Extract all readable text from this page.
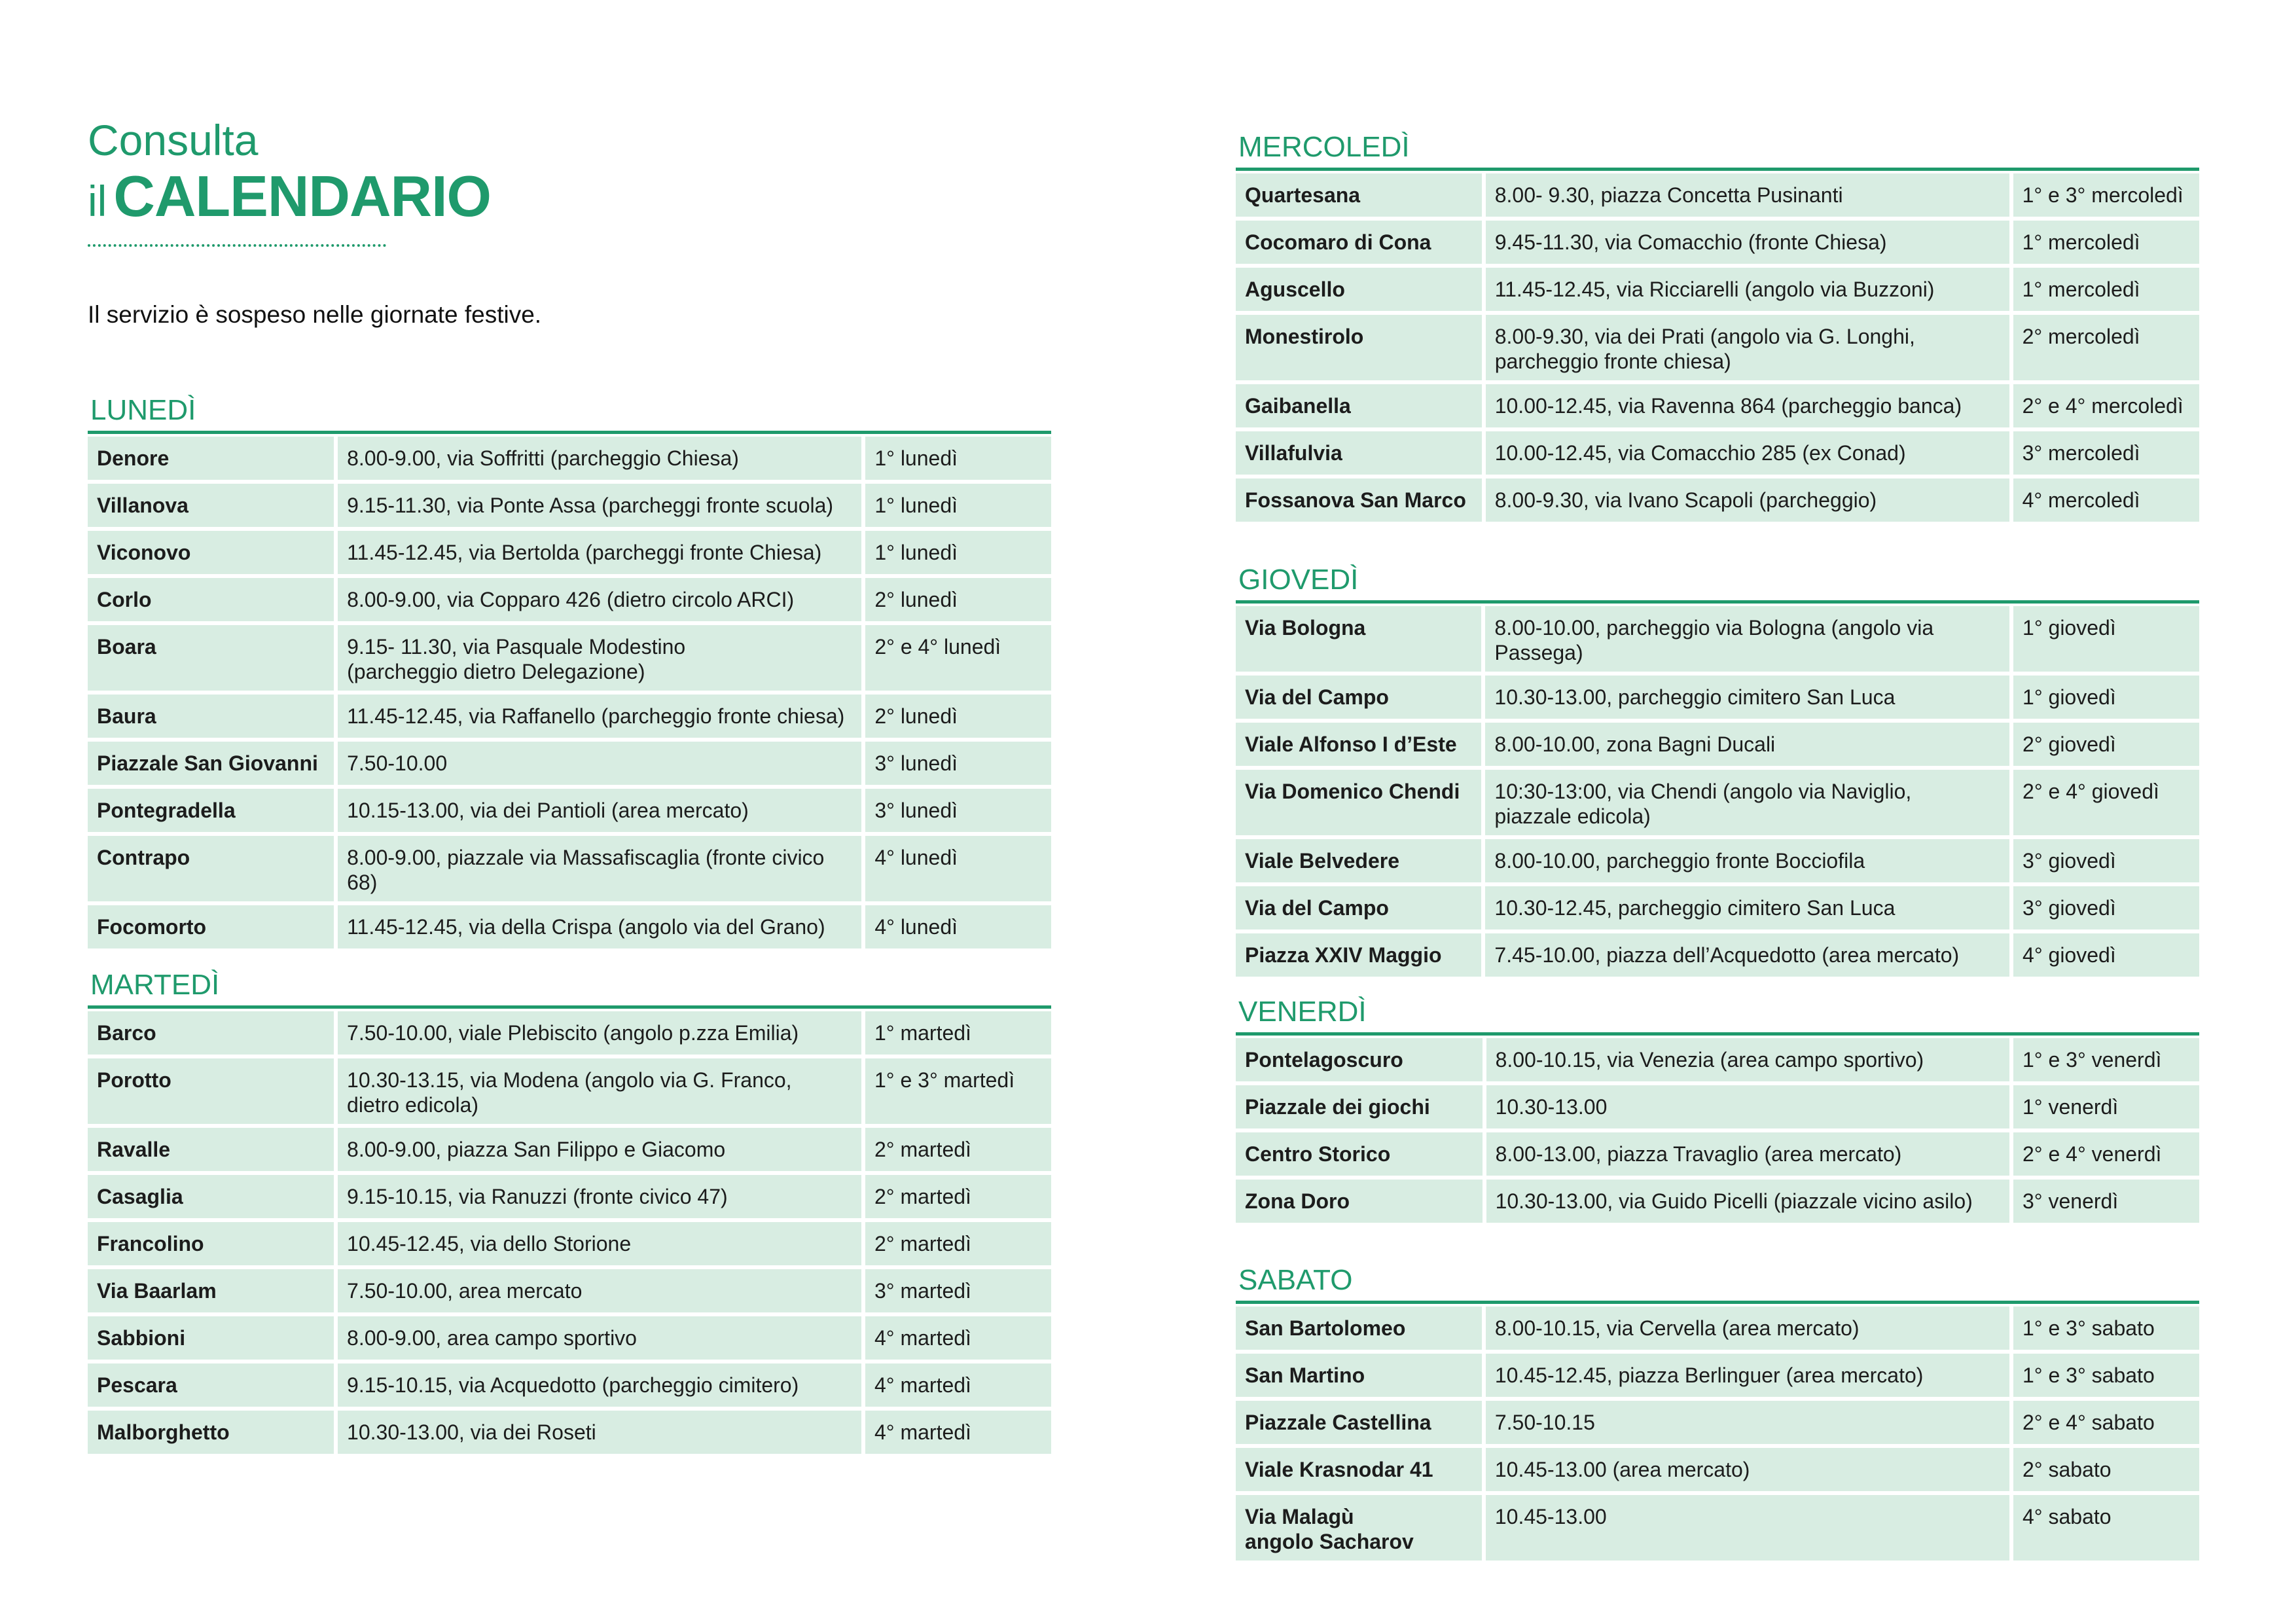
Consulta
il CALENDARIO
Il servizio è sospeso nelle giornate festive.
LUNEDÌ
Denore	8.00-9.00, via Soffritti (parcheggio Chiesa)	1° lunedì
Villanova	9.15-11.30, via Ponte Assa (parcheggi fronte scuola)	1° lunedì
Viconovo	11.45-12.45, via Bertolda (parcheggi fronte Chiesa)	1° lunedì
Corlo	8.00-9.00, via Copparo 426 (dietro circolo ARCI)	2° lunedì
Boara	9.15- 11.30, via Pasquale Modestino
(parcheggio dietro Delegazione)	2° e 4° lunedì
Baura	11.45-12.45, via Raffanello (parcheggio fronte chiesa)	2° lunedì
Piazzale San Giovanni	7.50-10.00	3° lunedì
Pontegradella	10.15-13.00, via dei Pantioli (area mercato)	3° lunedì
Contrapo	8.00-9.00, piazzale via Massafiscaglia (fronte civico 68)	4° lunedì
Focomorto	11.45-12.45, via della Crispa (angolo via del Grano)	4° lunedì
MARTEDÌ
Barco	7.50-10.00, viale Plebiscito (angolo p.zza Emilia)	1° martedì
Porotto	10.30-13.15, via Modena (angolo via G. Franco,
dietro edicola)	1° e 3° martedì
Ravalle	8.00-9.00, piazza San Filippo e Giacomo	2° martedì
Casaglia	9.15-10.15, via Ranuzzi (fronte civico 47)	2° martedì
Francolino	10.45-12.45, via dello Storione	2° martedì
Via Baarlam	7.50-10.00, area mercato	3° martedì
Sabbioni	8.00-9.00, area campo sportivo	4° martedì
Pescara	9.15-10.15, via Acquedotto (parcheggio cimitero)	4° martedì
Malborghetto	10.30-13.00, via dei Roseti	4° martedì
MERCOLEDÌ
Quartesana	8.00- 9.30, piazza Concetta Pusinanti	1° e 3° mercoledì
Cocomaro di Cona	9.45-11.30, via Comacchio (fronte Chiesa)	1° mercoledì
Aguscello	11.45-12.45, via Ricciarelli (angolo via Buzzoni)	1° mercoledì
Monestirolo	8.00-9.30, via dei Prati (angolo via G. Longhi,
parcheggio fronte chiesa)	2° mercoledì
Gaibanella	10.00-12.45, via Ravenna 864 (parcheggio banca)	2° e 4° mercoledì
Villafulvia	10.00-12.45, via Comacchio 285 (ex Conad)	3° mercoledì
Fossanova San Marco	8.00-9.30, via Ivano Scapoli (parcheggio)	4° mercoledì
GIOVEDÌ
Via Bologna	8.00-10.00, parcheggio via Bologna (angolo via Passega)	1° giovedì
Via del Campo	10.30-13.00, parcheggio cimitero San Luca	1° giovedì
Viale Alfonso I d’Este	8.00-10.00, zona Bagni Ducali	2° giovedì
Via Domenico Chendi	10:30-13:00, via Chendi (angolo via Naviglio,
piazzale edicola)	2° e 4° giovedì
Viale Belvedere	8.00-10.00, parcheggio fronte Bocciofila	3° giovedì
Via del Campo	10.30-12.45, parcheggio cimitero San Luca	3° giovedì
Piazza XXIV Maggio	7.45-10.00, piazza dell’Acquedotto (area mercato)	4° giovedì
VENERDÌ
Pontelagoscuro	8.00-10.15, via Venezia (area campo sportivo)	1° e 3° venerdì
Piazzale dei giochi	10.30-13.00	1° venerdì
Centro Storico	8.00-13.00, piazza Travaglio (area mercato)	2° e 4° venerdì
Zona Doro	10.30-13.00, via Guido Picelli (piazzale vicino asilo)	3° venerdì
SABATO
San Bartolomeo	8.00-10.15, via Cervella (area mercato)	1° e 3° sabato
San Martino	10.45-12.45, piazza Berlinguer (area mercato)	1° e 3° sabato
Piazzale Castellina	7.50-10.15	2° e 4° sabato
Viale Krasnodar 41	10.45-13.00 (area mercato)	2° sabato
Via Malagù
angolo Sacharov	10.45-13.00	4° sabato
